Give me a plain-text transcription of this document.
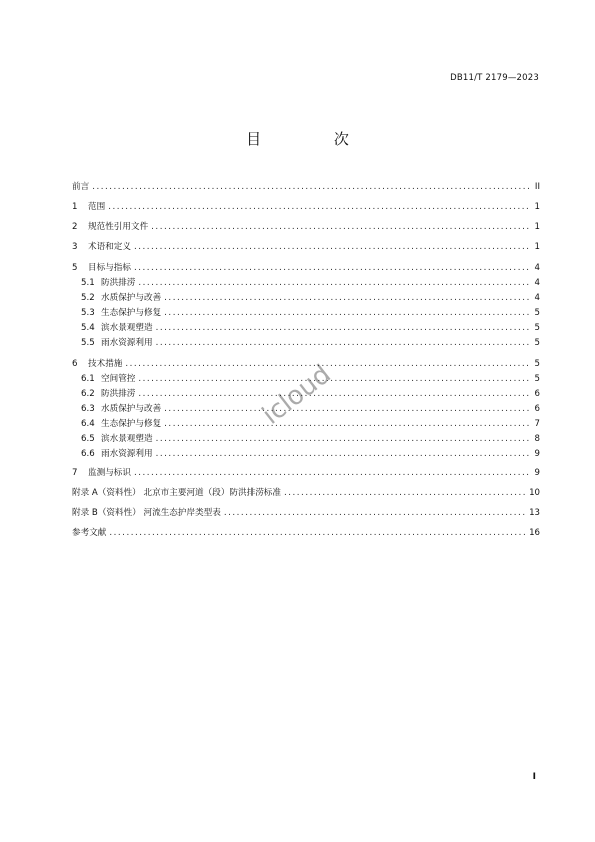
DB11/T 2179—2023
目 次
前言 . . .	II
1	范围 . . .	1
2	规范性引用文件 . . .	1
3	术语和定义 . . .	1
5	目标与指标 . . .	4
5.1 防洪排涝 . . .	4
5.2 水质保护与改善 . . .	4
5.3 生态保护与修复 . . .	5
5.4 滨水景观塑造 . . .	5
5.5 雨水资源利用 . . .	5
6	技术措施 . . .	5
6.1 空间管控 . . .	5
6.2 防洪排涝 . . .	6
6.3 水质保护与改善 . . .	6
6.4 生态保护与修复 . . .	7
6.5 滨水景观塑造 . . .	8
6.6 雨水资源利用 . . .	9
7	监测与标识 . . .	9
附录 A（资料性） 北京市主要河道（段）防洪排涝标准 . . .	10
附录 B（资料性） 河流生态护岸类型表 . . .	13
参考文献 . . .	16
icloud
I
